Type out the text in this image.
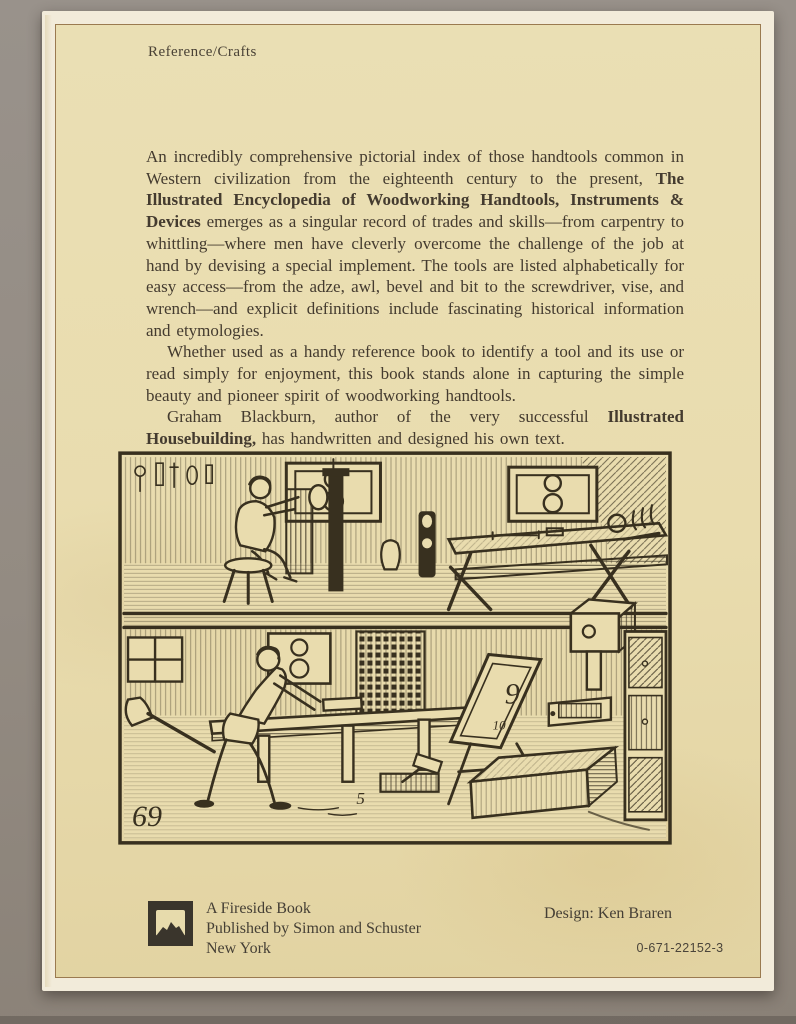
Reference/Crafts

An incredibly comprehensive pictorial index of those handtools common in Western civilization from the eighteenth century to the present, The Illustrated Encyclopedia of Woodworking Handtools, Instruments & Devices emerges as a singular record of trades and skills—from carpentry to whittling—where men have cleverly overcome the challenge of the job at hand by devising a special implement. The tools are listed alphabetically for easy access—from the adze, awl, bevel and bit to the screwdriver, vise, and wrench—and explicit definitions include fascinating historical information and etymologies.

Whether used as a handy reference book to identify a tool and its use or read simply for enjoyment, this book stands alone in capturing the simple beauty and pioneer spirit of woodworking handtools.

Graham Blackburn, author of the very successful Illustrated Housebuilding, has handwritten and designed his own text.

9
10
69
5
A Fireside Book
Published by Simon and Schuster
New York
Design: Ken Braren
0-671-22152-3
